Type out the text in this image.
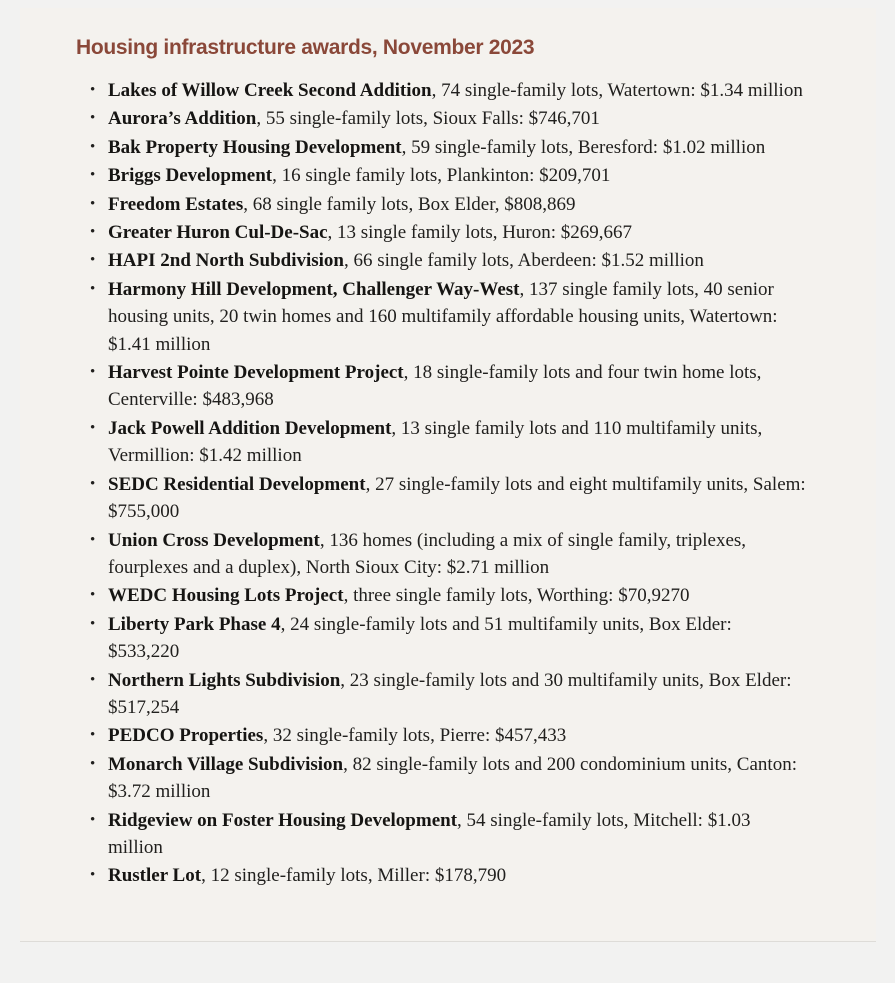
Housing infrastructure awards, November 2023
• Lakes of Willow Creek Second Addition, 74 single-family lots, Watertown: $1.34 million
• Aurora’s Addition, 55 single-family lots, Sioux Falls: $746,701
• Bak Property Housing Development, 59 single-family lots, Beresford: $1.02 million
• Briggs Development, 16 single family lots, Plankinton: $209,701
• Freedom Estates, 68 single family lots, Box Elder, $808,869
• Greater Huron Cul-De-Sac, 13 single family lots, Huron: $269,667
• HAPI 2nd North Subdivision, 66 single family lots, Aberdeen: $1.52 million
• Harmony Hill Development, Challenger Way-West, 137 single family lots, 40 senior housing units, 20 twin homes and 160 multifamily affordable housing units, Watertown: $1.41 million
• Harvest Pointe Development Project, 18 single-family lots and four twin home lots, Centerville: $483,968
• Jack Powell Addition Development, 13 single family lots and 110 multifamily units, Vermillion: $1.42 million
• SEDC Residential Development, 27 single-family lots and eight multifamily units, Salem: $755,000
• Union Cross Development, 136 homes (including a mix of single family, triplexes, fourplexes and a duplex), North Sioux City: $2.71 million
• WEDC Housing Lots Project, three single family lots, Worthing: $70,9270
• Liberty Park Phase 4, 24 single-family lots and 51 multifamily units, Box Elder: $533,220
• Northern Lights Subdivision, 23 single-family lots and 30 multifamily units, Box Elder: $517,254
• PEDCO Properties, 32 single-family lots, Pierre: $457,433
• Monarch Village Subdivision, 82 single-family lots and 200 condominium units, Canton: $3.72 million
• Ridgeview on Foster Housing Development, 54 single-family lots, Mitchell: $1.03 million
• Rustler Lot, 12 single-family lots, Miller: $178,790
